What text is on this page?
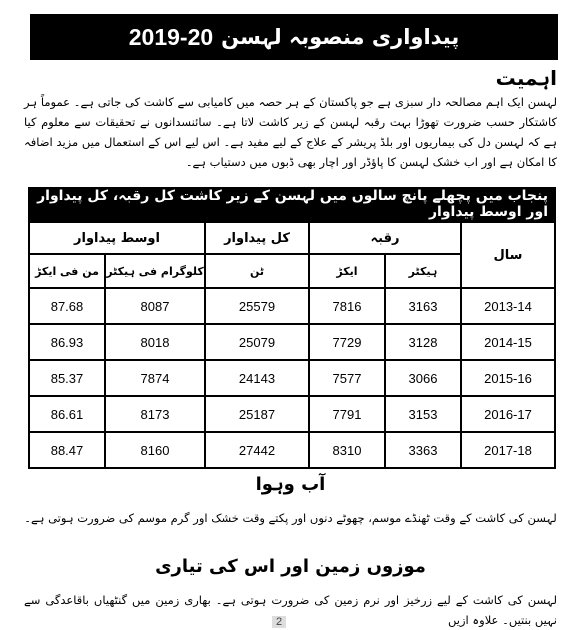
پیداواری منصوبہ لہسن
2019-20
اہمیت
لہسن ایک اہم مصالحہ دار سبزی ہے جو پاکستان کے ہر حصہ میں کامیابی سے کاشت کی جاتی ہے۔ عموماً ہر کاشتکار حسب ضرورت تھوڑا بہت رقبہ لہسن کے زیر کاشت لاتا ہے۔ سائنسدانوں نے تحقیقات سے معلوم کیا ہے کہ لہسن دل کی بیماریوں اور بلڈ پریشر کے علاج کے لیے مفید ہے۔ اس لیے اس کے استعمال میں مزید اضافہ کا امکان ہے اور اب خشک لہسن کا پاؤڈر اور اچار بھی ڈبوں میں دستیاب ہے۔
پنجاب میں پچھلے پانچ سالوں میں لہسن کے زیر کاشت کل رقبہ، کل پیداوار اور اوسط پیداوار
سال	رقبہ		کل پیداوار	اوسط پیداوار	
	ہیکٹر	ایکڑ	ٹن	کلوگرام فی ہیکٹر	من فی ایکڑ
2013-14	3163	7816	25579	8087	87.68
2014-15	3128	7729	25079	8018	86.93
2015-16	3066	7577	24143	7874	85.37
2016-17	3153	7791	25187	8173	86.61
2017-18	3363	8310	27442	8160	88.47
آب وہوا
لہسن کی کاشت کے وقت ٹھنڈے موسم، چھوٹے دنوں اور پکتے وقت خشک اور گرم موسم کی ضرورت ہوتی ہے۔
موزوں زمین اور اس کی تیاری
لہسن کی کاشت کے لیے زرخیز اور نرم زمین کی ضرورت ہوتی ہے۔ بھاری زمین میں گنٹھیاں باقاعدگی سے نہیں بنتیں۔ علاوہ ازیں
2
